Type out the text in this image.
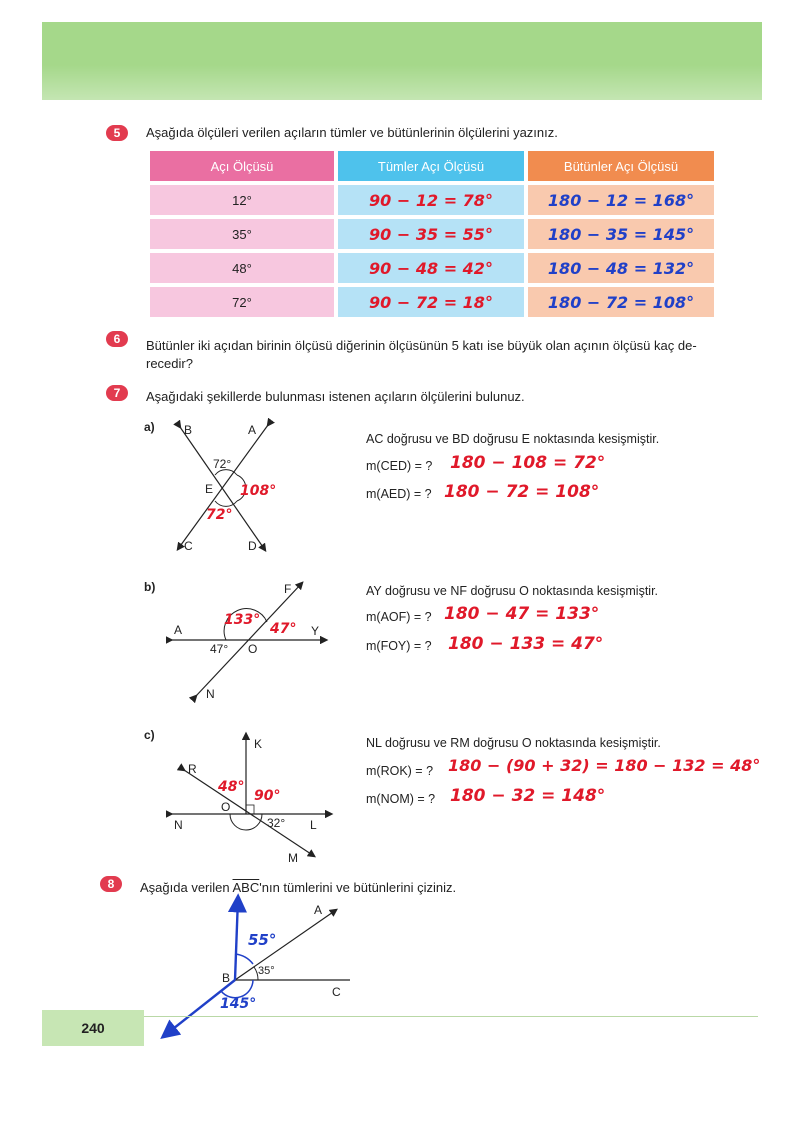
5	Aşağıda ölçüleri verilen açıların tümler ve bütünlerinin ölçülerini yazınız.
Açı Ölçüsü	Tümler Açı Ölçüsü	Bütünler Açı Ölçüsü
12°	90 − 12 = 78°	180 − 12 = 168°
35°	90 − 35 = 55°	180 − 35 = 145°
48°	90 − 48 = 42°	180 − 48 = 132°
72°	90 − 72 = 18°	180 − 72 = 108°
6	Bütünler iki açıdan birinin ölçüsü diğerinin ölçüsünün 5 katı ise büyük olan açının ölçüsü kaç de-
recedir?
7	Aşağıdaki şekillerde bulunması istenen açıların ölçülerini bulunuz.
a) B	A
C	D
E
72°
108°
72°
AC doğrusu ve BD doğrusu E noktasında kesişmiştir.
m(CED) = ? 180 − 108 = 72°
m(AED) = ? 180 − 72 = 108°
b)
A	Y
F
N
O
47°
133°
47°
AY doğrusu ve NF doğrusu O noktasında kesişmiştir.
m(AOF) = ? 180 − 47 = 133°
m(FOY) = ? 180 − 133 = 47°
c)
K
R
N	L
M
O
32°
48°
90°
NL doğrusu ve RM doğrusu O noktasında kesişmiştir.
m(ROK) = ? 180 − (90 + 32) = 180 − 132 = 48°
m(NOM) = ? 180 − 32 = 148°
8	Aşağıda verilen $\overline{ABC}'nın$ tümlerini ve bütünlerini çiziniz.
A
B
C
35°
55°
145°
240
